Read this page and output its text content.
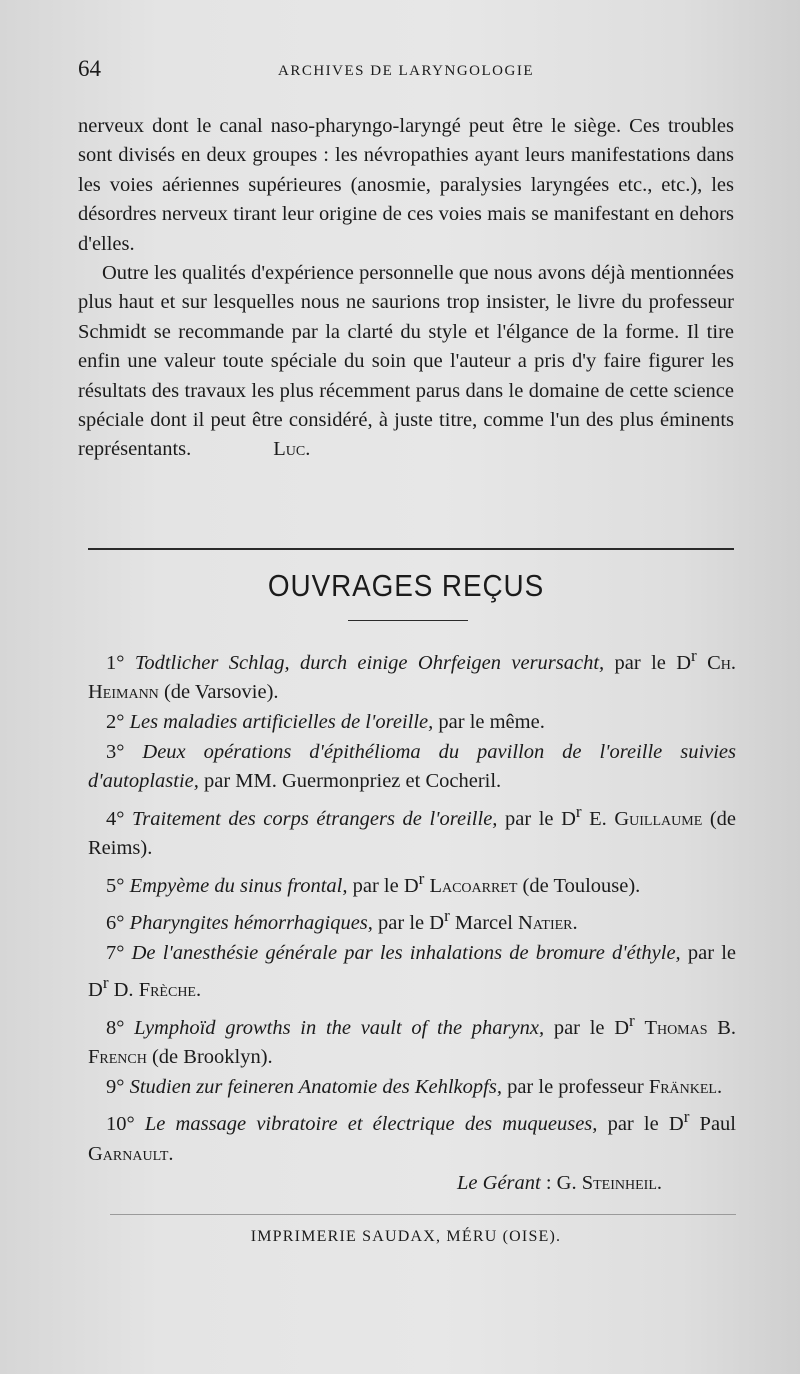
64	ARCHIVES DE LARYNGOLOGIE

nerveux dont le canal naso-pharyngo-laryngé peut être le siège. Ces troubles sont divisés en deux groupes : les névropathies ayant leurs manifestations dans les voies aériennes supérieures (anosmie, paralysies laryngées etc., etc.), les désordres nerveux tirant leur origine de ces voies mais se manifestant en dehors d'elles.

Outre les qualités d'expérience personnelle que nous avons déjà mentionnées plus haut et sur lesquelles nous ne saurions trop insister, le livre du professeur Schmidt se recommande par la clarté du style et l'élgance de la forme. Il tire enfin une valeur toute spéciale du soin que l'auteur a pris d'y faire figurer les résultats des travaux les plus récemment parus dans le domaine de cette science spéciale dont il peut être considéré, à juste titre, comme l'un des plus éminents représentants.	Luc.

OUVRAGES REÇUS

1° Todtlicher Schlag, durch einige Ohrfeigen verursacht, par le $D^r$ Ch. Heimann (de Varsovie).

2° Les maladies artificielles de l'oreille, par le même.

3° Deux opérations d'épithélioma du pavillon de l'oreille suivies d'autoplastie, par MM. Guermonpriez et Cocheril.

4° Traitement des corps étrangers de l'oreille, par le $D^r$ E. Guillaume (de Reims).

5° Empyème du sinus frontal, par le $D^r$ Lacoarret (de Toulouse).

6° Pharyngites hémorrhagiques, par le $D^r$ Marcel Natier.

7° De l'anesthésie générale par les inhalations de bromure d'éthyle, par le $D^r$ D. Frèche.

8° Lymphoïd growths in the vault of the pharynx, par le $D^r$ Thomas B. French (de Brooklyn).

9° Studien zur feineren Anatomie des Kehlkopfs, par le professeur Fränkel.

10° Le massage vibratoire et électrique des muqueuses, par le $D^r$ Paul Garnault.

Le Gérant : G. Steinheil.

IMPRIMERIE SAUDAX, MÉRU (OISE).
